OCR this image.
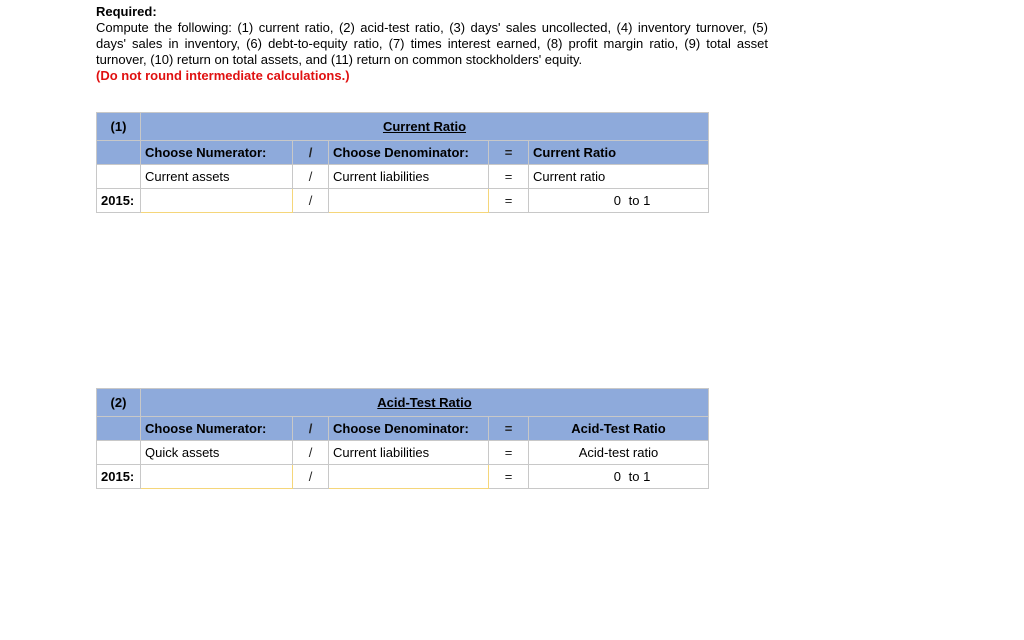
Required:
Compute the following: (1) current ratio, (2) acid-test ratio, (3) days' sales uncollected, (4) inventory turnover, (5) days' sales in inventory, (6) debt-to-equity ratio, (7) times interest earned, (8) profit margin ratio, (9) total asset turnover, (10) return on total assets, and (11) return on common stockholders' equity.
(Do not round intermediate calculations.)
(1)	Current Ratio				
	Choose Numerator:	/	Choose Denominator:	=	Current Ratio
	Current assets	/	Current liabilities	=	Current ratio
2015:		/		=	0 to 1
(2)	Acid-Test Ratio				
	Choose Numerator:	/	Choose Denominator:	=	Acid-Test Ratio
	Quick assets	/	Current liabilities	=	Acid-test ratio
2015:		/		=	0 to 1
